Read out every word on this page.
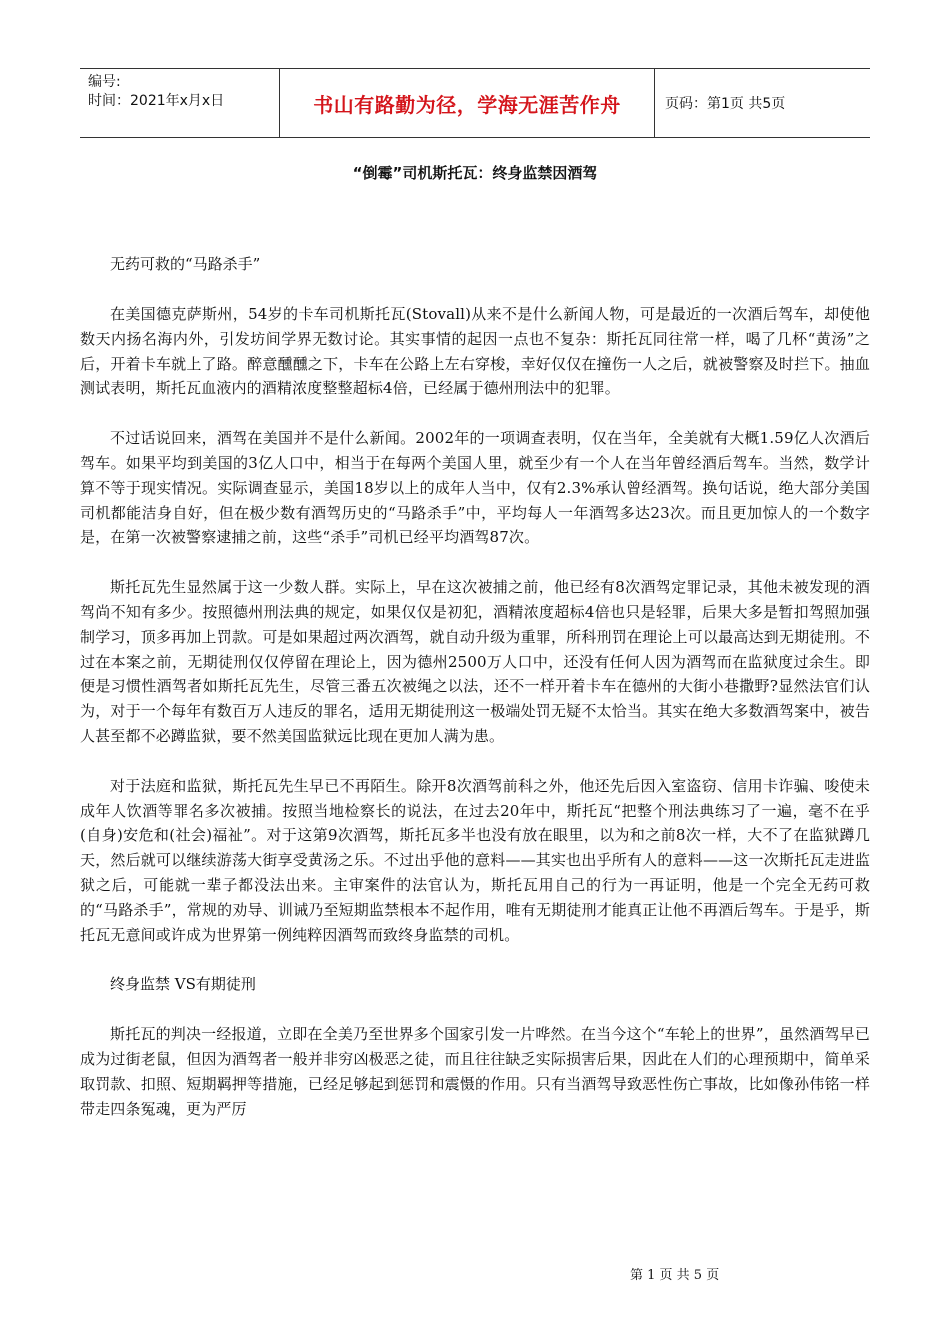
编号:
时间：2021年x月x日	书山有路勤为径，学海无涯苦作舟	页码：第1页 共5页
“倒霉”司机斯托瓦：终身监禁因酒驾

无药可救的“马路杀手”

在美国德克萨斯州，54岁的卡车司机斯托瓦(Stovall)从来不是什么新闻人物，可是最近的一次酒后驾车，却使他数天内扬名海内外，引发坊间学界无数讨论。其实事情的起因一点也不复杂：斯托瓦同往常一样，喝了几杯“黄汤”之后，开着卡车就上了路。醉意醺醺之下，卡车在公路上左右穿梭，幸好仅仅在撞伤一人之后，就被警察及时拦下。抽血测试表明，斯托瓦血液内的酒精浓度整整超标4倍，已经属于德州刑法中的犯罪。

不过话说回来，酒驾在美国并不是什么新闻。2002年的一项调查表明，仅在当年，全美就有大概1.59亿人次酒后驾车。如果平均到美国的3亿人口中，相当于在每两个美国人里，就至少有一个人在当年曾经酒后驾车。当然，数学计算不等于现实情况。实际调查显示，美国18岁以上的成年人当中，仅有2.3%承认曾经酒驾。换句话说，绝大部分美国司机都能洁身自好，但在极少数有酒驾历史的“马路杀手”中，平均每人一年酒驾多达23次。而且更加惊人的一个数字是，在第一次被警察逮捕之前，这些“杀手”司机已经平均酒驾87次。

斯托瓦先生显然属于这一少数人群。实际上，早在这次被捕之前，他已经有8次酒驾定罪记录，其他未被发现的酒驾尚不知有多少。按照德州刑法典的规定，如果仅仅是初犯，酒精浓度超标4倍也只是轻罪，后果大多是暂扣驾照加强制学习，顶多再加上罚款。可是如果超过两次酒驾，就自动升级为重罪，所科刑罚在理论上可以最高达到无期徒刑。不过在本案之前，无期徒刑仅仅停留在理论上，因为德州2500万人口中，还没有任何人因为酒驾而在监狱度过余生。即便是习惯性酒驾者如斯托瓦先生，尽管三番五次被绳之以法，还不一样开着卡车在德州的大街小巷撒野?显然法官们认为，对于一个每年有数百万人违反的罪名，适用无期徒刑这一极端处罚无疑不太恰当。其实在绝大多数酒驾案中，被告人甚至都不必蹲监狱，要不然美国监狱远比现在更加人满为患。

对于法庭和监狱，斯托瓦先生早已不再陌生。除开8次酒驾前科之外，他还先后因入室盗窃、信用卡诈骗、唆使未成年人饮酒等罪名多次被捕。按照当地检察长的说法，在过去20年中，斯托瓦“把整个刑法典练习了一遍，毫不在乎(自身)安危和(社会)福祉”。对于这第9次酒驾，斯托瓦多半也没有放在眼里，以为和之前8次一样，大不了在监狱蹲几天，然后就可以继续游荡大街享受黄汤之乐。不过出乎他的意料——其实也出乎所有人的意料——这一次斯托瓦走进监狱之后，可能就一辈子都没法出来。主审案件的法官认为，斯托瓦用自己的行为一再证明，他是一个完全无药可救的“马路杀手”，常规的劝导、训诫乃至短期监禁根本不起作用，唯有无期徒刑才能真正让他不再酒后驾车。于是乎，斯托瓦无意间或许成为世界第一例纯粹因酒驾而致终身监禁的司机。

终身监禁 VS有期徒刑

斯托瓦的判决一经报道，立即在全美乃至世界多个国家引发一片哗然。在当今这个“车轮上的世界”，虽然酒驾早已成为过街老鼠，但因为酒驾者一般并非穷凶极恶之徒，而且往往缺乏实际损害后果，因此在人们的心理预期中，简单采取罚款、扣照、短期羁押等措施，已经足够起到惩罚和震慑的作用。只有当酒驾导致恶性伤亡事故，比如像孙伟铭一样带走四条冤魂，更为严厉

第 1 页 共 5 页
